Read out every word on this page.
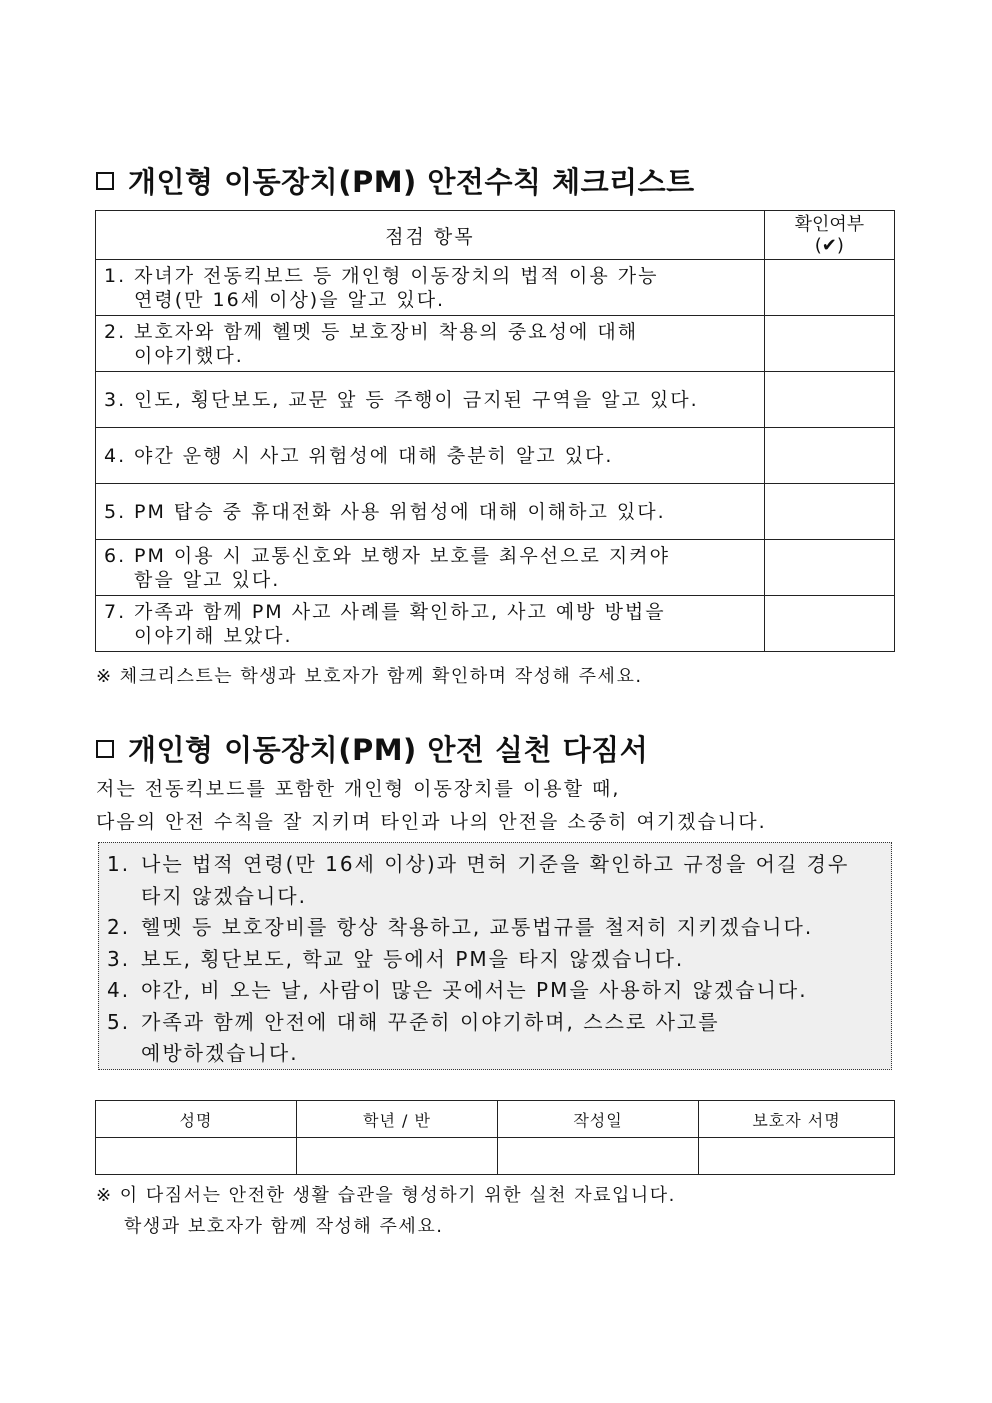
개인형 이동장치(PM) 안전수칙 체크리스트
점검 항목	확인여부
(✔)

1. 자녀가 전동킥보드 등 개인형 이동장치의 법적 이용 가능
연령(만 16세 이상)을 알고 있다.	

2. 보호자와 함께 헬멧 등 보호장비 착용의 중요성에 대해
이야기했다.	

3. 인도, 횡단보도, 교문 앞 등 주행이 금지된 구역을 알고 있다.	
4. 야간 운행 시 사고 위험성에 대해 충분히 알고 있다.	
5. PM 탑승 중 휴대전화 사용 위험성에 대해 이해하고 있다.	
6. PM 이용 시 교통신호와 보행자 보호를 최우선으로 지켜야
함을 알고 있다.	

7. 가족과 함께 PM 사고 사례를 확인하고, 사고 예방 방법을
이야기해 보았다.	

※ 체크리스트는 학생과 보호자가 함께 확인하며 작성해 주세요.
개인형 이동장치(PM) 안전 실천 다짐서
저는 전동킥보드를 포함한 개인형 이동장치를 이용할 때,
다음의 안전 수칙을 잘 지키며 타인과 나의 안전을 소중히 여기겠습니다.
1. 나는 법적 연령(만 16세 이상)과 면허 기준을 확인하고 규정을 어길 경우
타지 않겠습니다.
2. 헬멧 등 보호장비를 항상 착용하고, 교통법규를 철저히 지키겠습니다.
3. 보도, 횡단보도, 학교 앞 등에서 PM을 타지 않겠습니다.
4. 야간, 비 오는 날, 사람이 많은 곳에서는 PM을 사용하지 않겠습니다.
5. 가족과 함께 안전에 대해 꾸준히 이야기하며, 스스로 사고를
예방하겠습니다.
성명	학년 / 반	작성일	보호자 서명

※ 이 다짐서는 안전한 생활 습관을 형성하기 위한 실천 자료입니다.
학생과 보호자가 함께 작성해 주세요.
